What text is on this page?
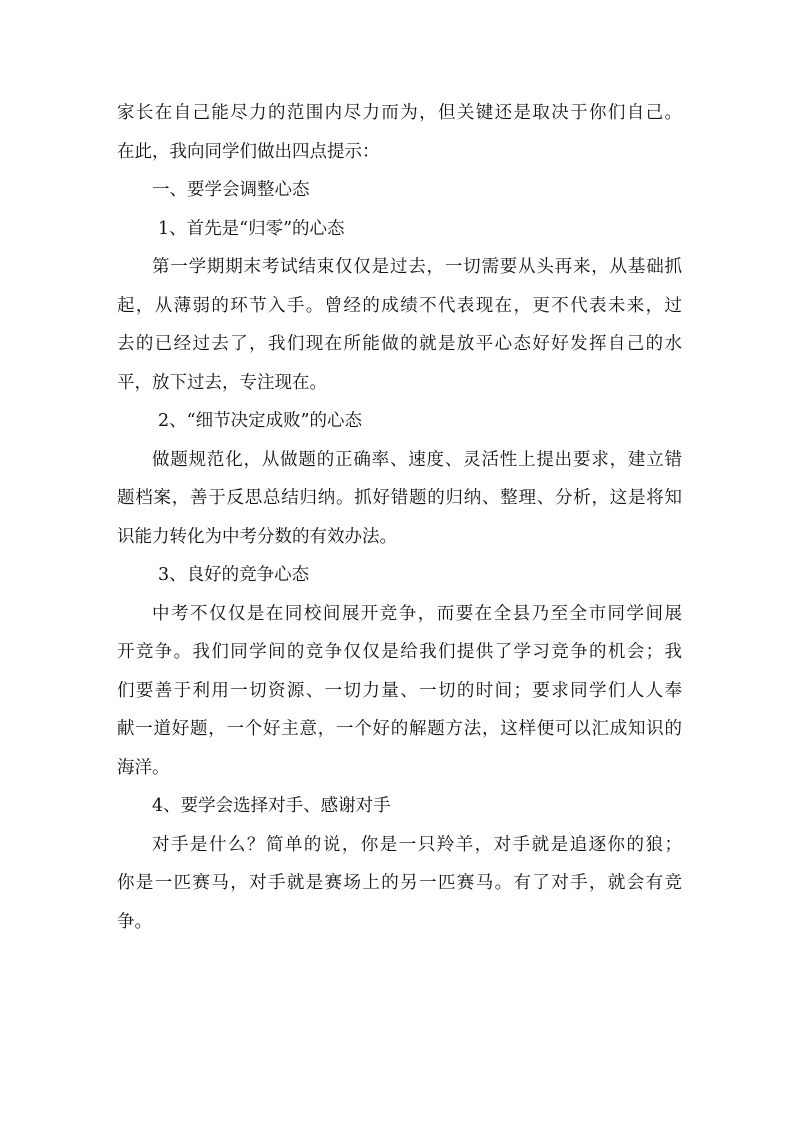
家长在自己能尽力的范围内尽力而为，但关键还是取决于你们自己。
在此，我向同学们做出四点提示：
一、要学会调整心态
1、首先是“归零”的心态
第一学期期末考试结束仅仅是过去，一切需要从头再来，从基础抓
起，从薄弱的环节入手。曾经的成绩不代表现在，更不代表未来，过
去的已经过去了，我们现在所能做的就是放平心态好好发挥自己的水
平，放下过去，专注现在。
2、“细节决定成败”的心态
做题规范化，从做题的正确率、速度、灵活性上提出要求，建立错
题档案，善于反思总结归纳。抓好错题的归纳、整理、分析，这是将知
识能力转化为中考分数的有效办法。
3、良好的竞争心态
中考不仅仅是在同校间展开竞争，而要在全县乃至全市同学间展
开竞争。我们同学间的竞争仅仅是给我们提供了学习竞争的机会；我
们要善于利用一切资源、一切力量、一切的时间；要求同学们人人奉
献一道好题，一个好主意，一个好的解题方法，这样便可以汇成知识的
海洋。
4、要学会选择对手、感谢对手
对手是什么？简单的说，你是一只羚羊，对手就是追逐你的狼；
你是一匹赛马，对手就是赛场上的另一匹赛马。有了对手，就会有竞
争。
